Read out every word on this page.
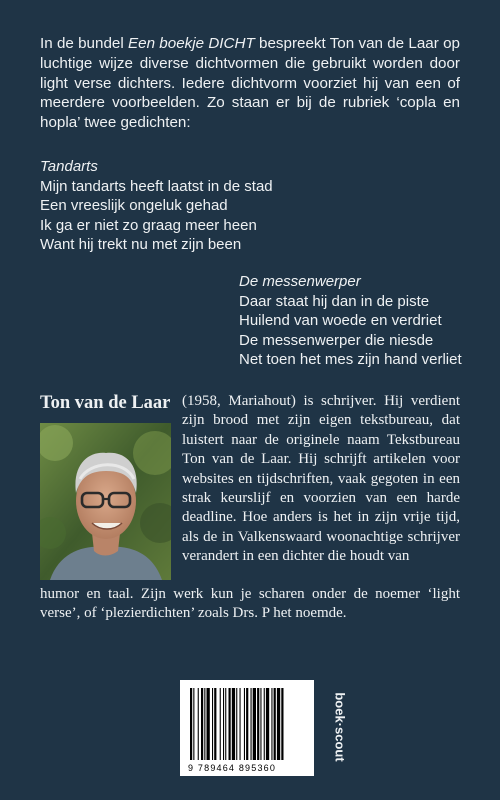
In de bundel Een boekje DICHT bespreekt Ton van de Laar op luchtige wijze diverse dichtvormen die gebruikt worden door light verse dichters. Iedere dichtvorm voorziet hij van een of meerdere voorbeelden. Zo staan er bij de rubriek ‘copla en hopla’ twee gedichten:

Tandarts
Mijn tandarts heeft laatst in de stad
Een vreeslijk ongeluk gehad
Ik ga er niet zo graag meer heen
Want hij trekt nu met zijn been
De messenwerper
Daar staat hij dan in de piste
Huilend van woede en verdriet
De messenwerper die niesde
Net toen het mes zijn hand verliet
Ton van de Laar (1958, Mariahout) is schrijver. Hij verdient zijn brood met zijn eigen tekstbureau, dat luistert naar de originele naam Tekstbureau Ton van de Laar. Hij schrijft artikelen voor websites en tijdschriften, vaak gegoten in een strak keurslijf en voorzien van een harde deadline. Hoe anders is het in zijn vrije tijd, als de in Valkenswaard woonachtige schrijver verandert in een dichter die houdt van

humor en taal. Zijn werk kun je scharen onder de noemer ‘light verse’, of ‘plezierdichten’ zoals Drs. P het noemde.

9 789464 895360
boek·scout
